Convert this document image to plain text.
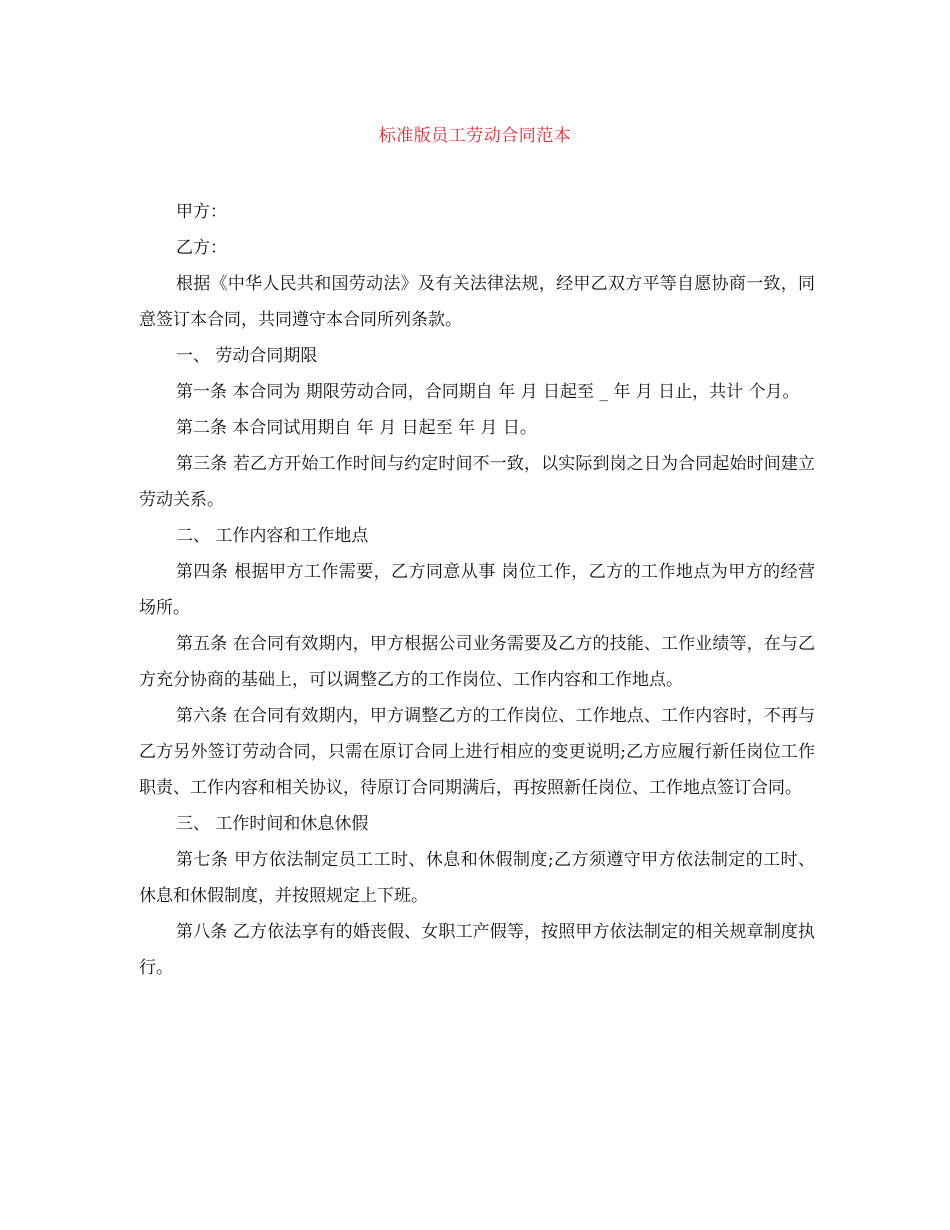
标准版员工劳动合同范本

甲方：

乙方：

根据《中华人民共和国劳动法》及有关法律法规，经甲乙双方平等自愿协商一致，同意签订本合同，共同遵守本合同所列条款。

一、 劳动合同期限

第一条 本合同为 期限劳动合同，合同期自 年 月 日起至 _ 年 月 日止，共计 个月。

第二条 本合同试用期自 年 月 日起至 年 月 日。

第三条 若乙方开始工作时间与约定时间不一致，以实际到岗之日为合同起始时间建立劳动关系。

二、 工作内容和工作地点

第四条 根据甲方工作需要，乙方同意从事 岗位工作，乙方的工作地点为甲方的经营场所。

第五条 在合同有效期内，甲方根据公司业务需要及乙方的技能、工作业绩等，在与乙方充分协商的基础上，可以调整乙方的工作岗位、工作内容和工作地点。

第六条 在合同有效期内，甲方调整乙方的工作岗位、工作地点、工作内容时，不再与乙方另外签订劳动合同，只需在原订合同上进行相应的变更说明;乙方应履行新任岗位工作职责、工作内容和相关协议，待原订合同期满后，再按照新任岗位、工作地点签订合同。

三、 工作时间和休息休假

第七条 甲方依法制定员工工时、休息和休假制度;乙方须遵守甲方依法制定的工时、休息和休假制度，并按照规定上下班。

第八条 乙方依法享有的婚丧假、女职工产假等，按照甲方依法制定的相关规章制度执行。
